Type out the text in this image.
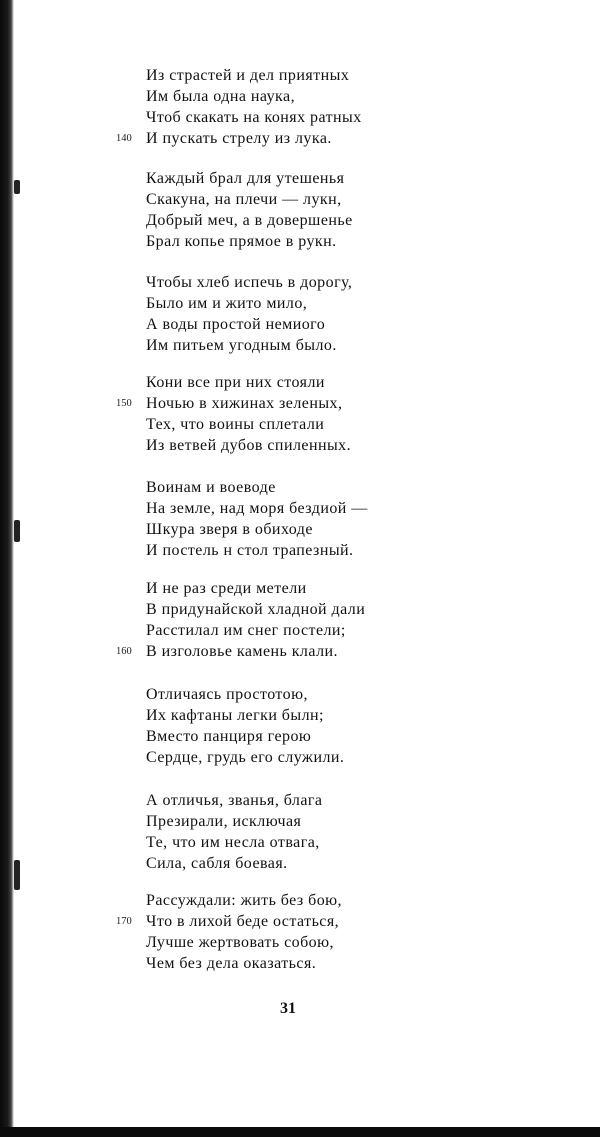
Из страстей и дел приятных
Им была одна наука,
Чтоб скакать на конях ратных
140 И пускать стрелу из лука.
Каждый брал для утешенья
Скакуна, на плечи — лукн,
Добрый меч, а в довершенье
Брал копье прямое в рукн.
Чтобы хлеб испечь в дорогу,
Было им и жито мило,
А воды простой немиого
Им питьем угодным было.
Кони все при них стояли
150 Ночью в хижинах зеленых,
Тех, что воины сплетали
Из ветвей дубов спиленных.
Воинам и воеводе
На земле, над моря бездиой —
Шкура зверя в обиходе
И постель н стол трапезный.
И не раз среди метели
В придунайской хладной дали
Расстилал им снег постели;
160 В изголовье камень клали.
Отличаясь простотою,
Их кафтаны легки былн;
Вместо панциря герою
Сердце, грудь его служили.
А отличья, званья, блага
Презирали, исключая
Те, что им несла отвага,
Сила, сабля боевая.
Рассуждали: жить без бою,
170 Что в лихой беде остаться,
Лучше жертвовать собою,
Чем без дела оказаться.
31
